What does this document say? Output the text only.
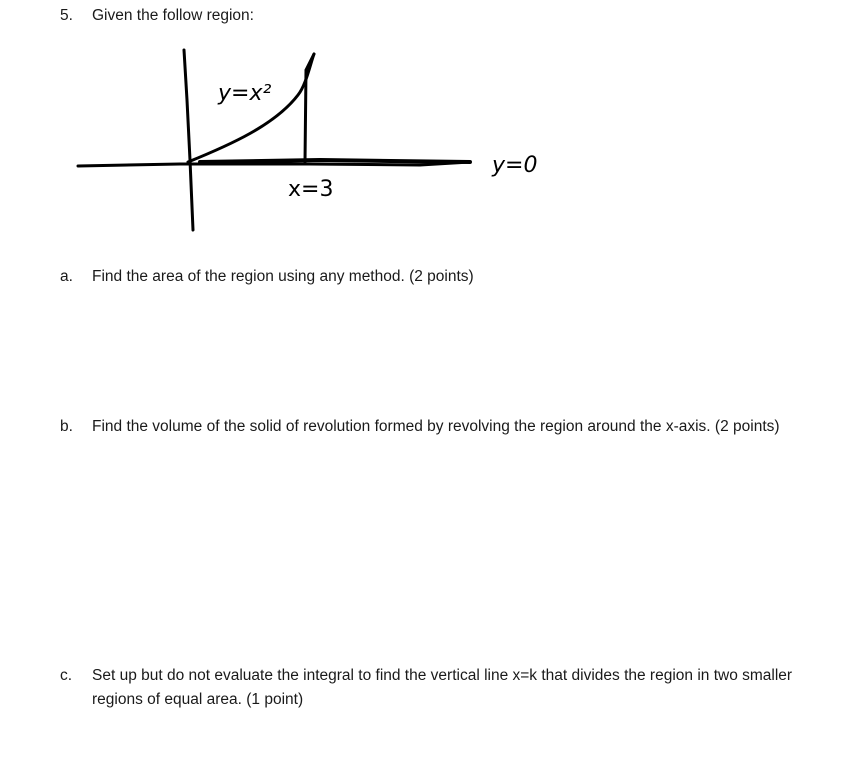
5. Given the follow region:
y=x²
x=3
y=0
a. Find the area of the region using any method. (2 points)
b. Find the volume of the solid of revolution formed by revolving the region around the x-axis. (2 points)
c. Set up but do not evaluate the integral to find the vertical line x=k that divides the region in two smaller regions of equal area. (1 point)
